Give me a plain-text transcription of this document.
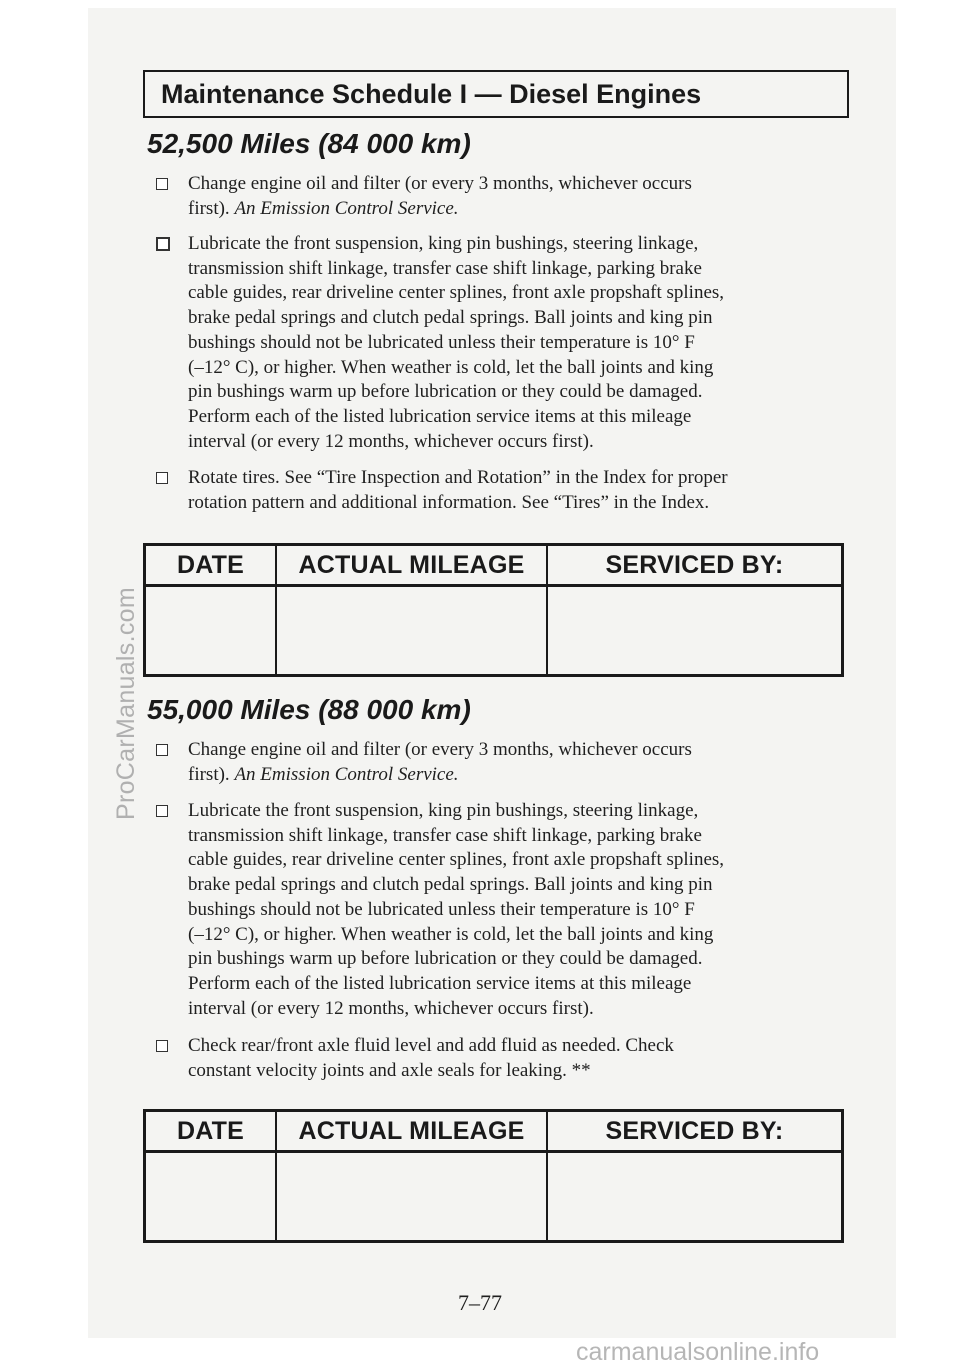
ProCarManuals.com
carmanualsonline.info
Maintenance Schedule I — Diesel Engines
52,500 Miles (84 000 km)
Change engine oil and filter (or every 3 months, whichever occurs
first). An Emission Control Service.
Lubricate the front suspension, king pin bushings, steering linkage,
transmission shift linkage, transfer case shift linkage, parking brake
cable guides, rear driveline center splines, front axle propshaft splines,
brake pedal springs and clutch pedal springs. Ball joints and king pin
bushings should not be lubricated unless their temperature is 10° F
(–12° C), or higher. When weather is cold, let the ball joints and king
pin bushings warm up before lubrication or they could be damaged.
Perform each of the listed lubrication service items at this mileage
interval (or every 12 months, whichever occurs first).
Rotate tires. See “Tire Inspection and Rotation” in the Index for proper
rotation pattern and additional information. See “Tires” in the Index.
DATE	ACTUAL MILEAGE	SERVICED BY:
55,000 Miles (88 000 km)
Change engine oil and filter (or every 3 months, whichever occurs
first). An Emission Control Service.
Lubricate the front suspension, king pin bushings, steering linkage,
transmission shift linkage, transfer case shift linkage, parking brake
cable guides, rear driveline center splines, front axle propshaft splines,
brake pedal springs and clutch pedal springs. Ball joints and king pin
bushings should not be lubricated unless their temperature is 10° F
(–12° C), or higher. When weather is cold, let the ball joints and king
pin bushings warm up before lubrication or they could be damaged.
Perform each of the listed lubrication service items at this mileage
interval (or every 12 months, whichever occurs first).
Check rear/front axle fluid level and add fluid as needed. Check
constant velocity joints and axle seals for leaking. **
DATE	ACTUAL MILEAGE	SERVICED BY:
7–77
